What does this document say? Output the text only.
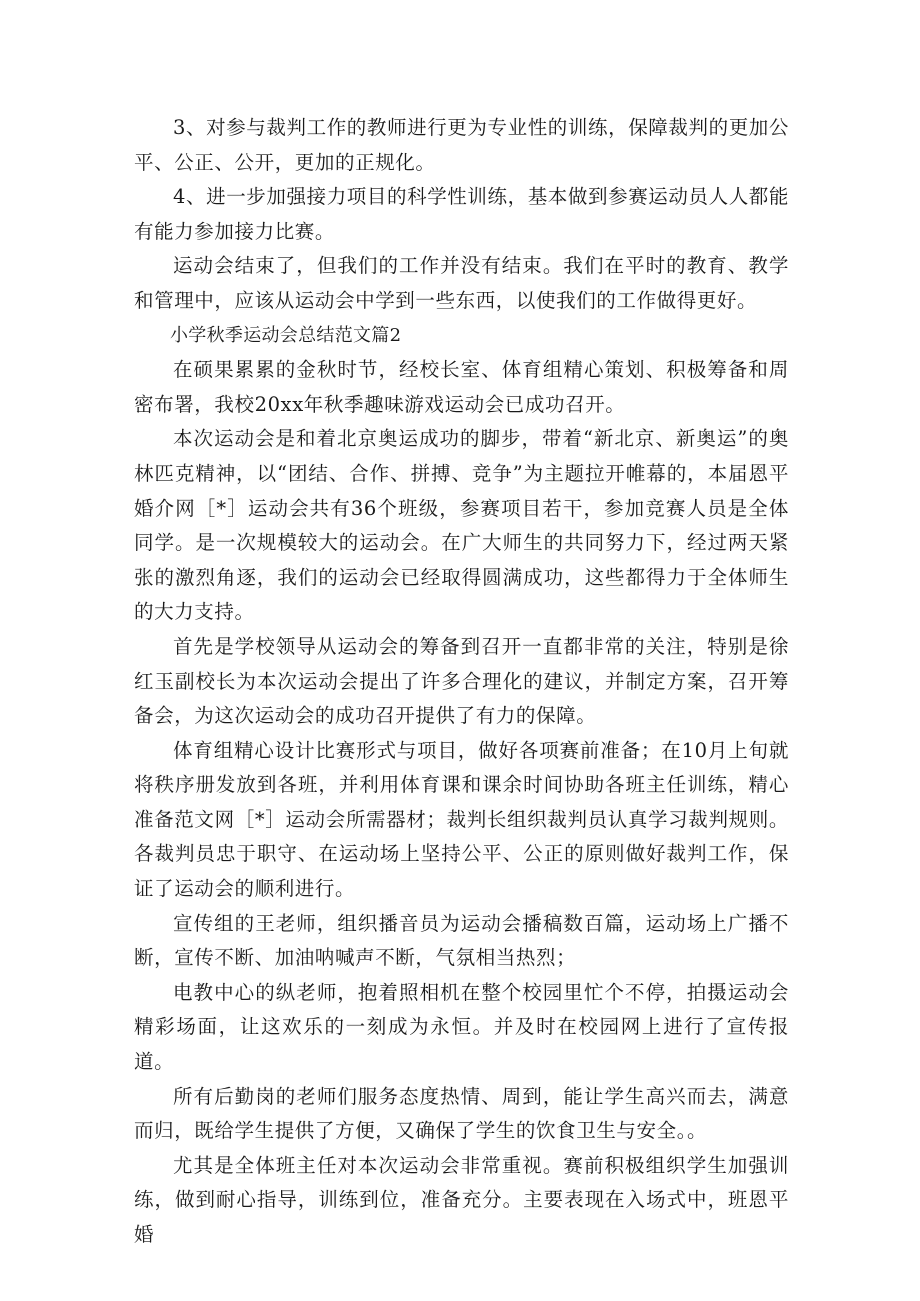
3、对参与裁判工作的教师进行更为专业性的训练，保障裁判的更加公平、公正、公开，更加的正规化。

4、进一步加强接力项目的科学性训练，基本做到参赛运动员人人都能有能力参加接力比赛。

运动会结束了，但我们的工作并没有结束。我们在平时的教育、教学和管理中，应该从运动会中学到一些东西，以使我们的工作做得更好。

小学秋季运动会总结范文篇2

在硕果累累的金秋时节，经校长室、体育组精心策划、积极筹备和周密布署，我校20xx年秋季趣味游戏运动会已成功召开。

本次运动会是和着北京奥运成功的脚步，带着“新北京、新奥运”的奥林匹克精神，以“团结、合作、拼搏、竞争”为主题拉开帷幕的，本届恩平婚介网［*］运动会共有36个班级，参赛项目若干，参加竞赛人员是全体同学。是一次规模较大的运动会。在广大师生的共同努力下，经过两天紧张的激烈角逐，我们的运动会已经取得圆满成功，这些都得力于全体师生的大力支持。

首先是学校领导从运动会的筹备到召开一直都非常的关注，特别是徐红玉副校长为本次运动会提出了许多合理化的建议，并制定方案，召开筹备会，为这次运动会的成功召开提供了有力的保障。

体育组精心设计比赛形式与项目，做好各项赛前准备；在10月上旬就将秩序册发放到各班，并利用体育课和课余时间协助各班主任训练，精心准备范文网［*］运动会所需器材；裁判长组织裁判员认真学习裁判规则。各裁判员忠于职守、在运动场上坚持公平、公正的原则做好裁判工作，保证了运动会的顺利进行。

宣传组的王老师，组织播音员为运动会播稿数百篇，运动场上广播不断，宣传不断、加油呐喊声不断，气氛相当热烈；

电教中心的纵老师，抱着照相机在整个校园里忙个不停，拍摄运动会精彩场面，让这欢乐的一刻成为永恒。并及时在校园网上进行了宣传报道。

所有后勤岗的老师们服务态度热情、周到，能让学生高兴而去，满意而归，既给学生提供了方便，又确保了学生的饮食卫生与安全。。

尤其是全体班主任对本次运动会非常重视。赛前积极组织学生加强训练，做到耐心指导，训练到位，准备充分。主要表现在入场式中，班恩平婚
